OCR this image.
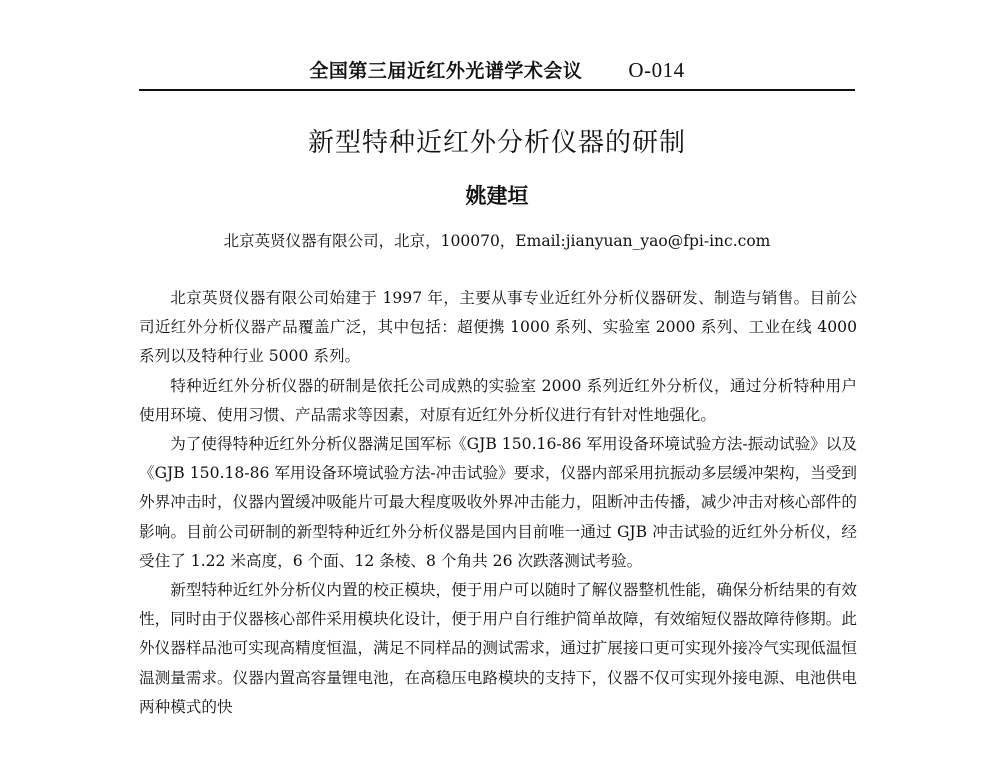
全国第三届近红外光谱学术会议 O-014
新型特种近红外分析仪器的研制
姚建垣
北京英贤仪器有限公司，北京，100070，Email:jianyuan_yao@fpi-inc.com

北京英贤仪器有限公司始建于 1997 年，主要从事专业近红外分析仪器研发、制造与销售。目前公司近红外分析仪器产品覆盖广泛，其中包括：超便携 1000 系列、实验室 2000 系列、工业在线 4000 系列以及特种行业 5000 系列。

特种近红外分析仪器的研制是依托公司成熟的实验室 2000 系列近红外分析仪，通过分析特种用户使用环境、使用习惯、产品需求等因素，对原有近红外分析仪进行有针对性地强化。

为了使得特种近红外分析仪器满足国军标《GJB 150.16-86 军用设备环境试验方法-振动试验》以及《GJB 150.18-86 军用设备环境试验方法-冲击试验》要求，仪器内部采用抗振动多层缓冲架构，当受到外界冲击时，仪器内置缓冲吸能片可最大程度吸收外界冲击能力，阻断冲击传播，减少冲击对核心部件的影响。目前公司研制的新型特种近红外分析仪器是国内目前唯一通过 GJB 冲击试验的近红外分析仪，经受住了 1.22 米高度，6 个面、12 条棱、8 个角共 26 次跌落测试考验。

新型特种近红外分析仪内置的校正模块，便于用户可以随时了解仪器整机性能，确保分析结果的有效性，同时由于仪器核心部件采用模块化设计，便于用户自行维护简单故障，有效缩短仪器故障待修期。此外仪器样品池可实现高精度恒温，满足不同样品的测试需求，通过扩展接口更可实现外接冷气实现低温恒温测量需求。仪器内置高容量锂电池，在高稳压电路模块的支持下，仪器不仅可实现外接电源、电池供电两种模式的快
